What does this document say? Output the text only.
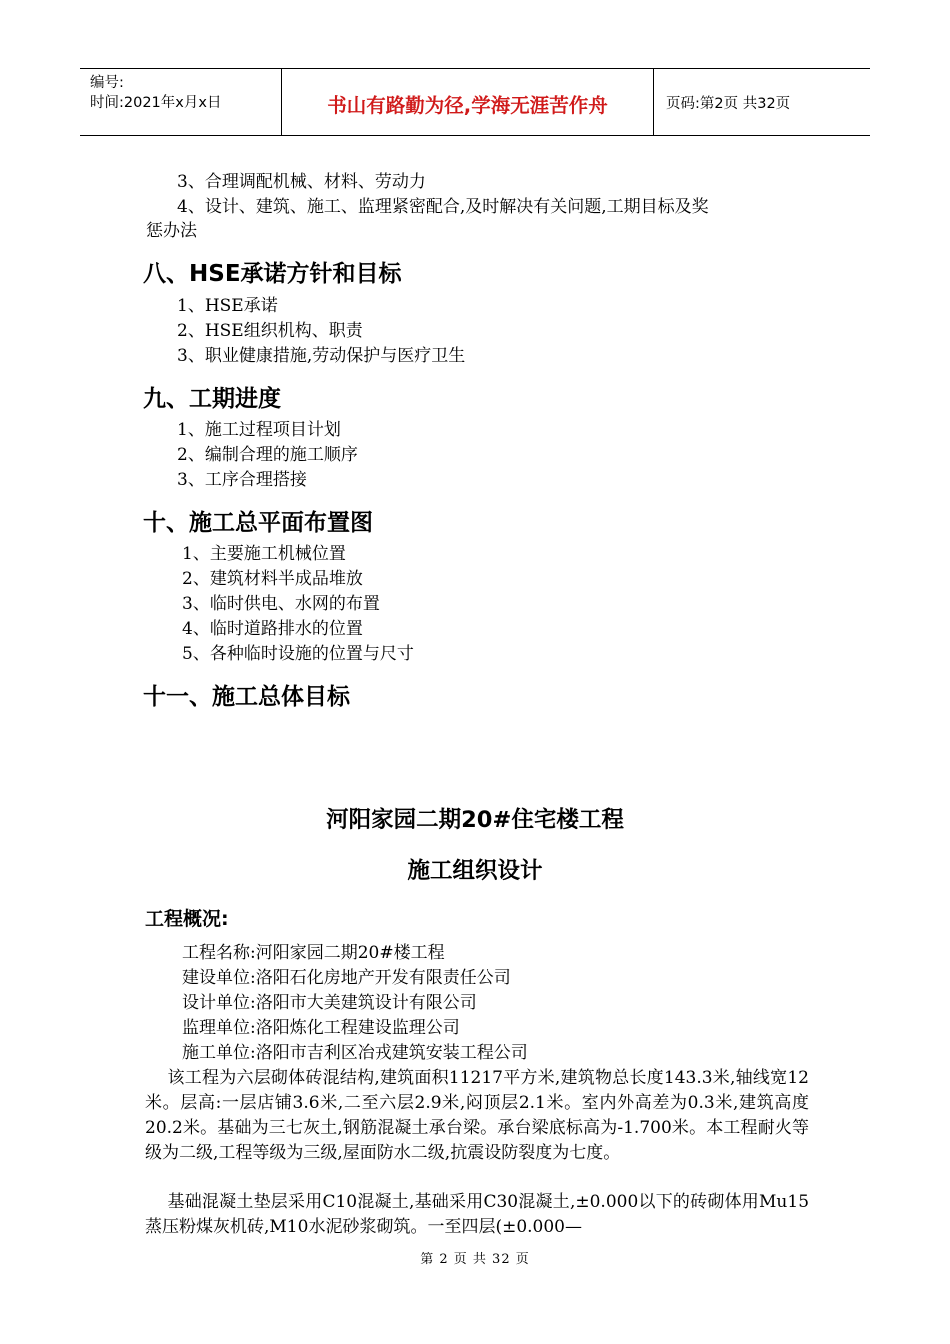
编号:
时间:2021年x月x日	书山有路勤为径,学海无涯苦作舟	页码:第2页 共32页
3、合理调配机械、材料、劳动力
4、设计、建筑、施工、监理紧密配合,及时解决有关问题,工期目标及奖
惩办法
八、HSE承诺方针和目标
1、HSE承诺
2、HSE组织机构、职责
3、职业健康措施,劳动保护与医疗卫生
九、工期进度
1、施工过程项目计划
2、编制合理的施工顺序
3、工序合理搭接
十、施工总平面布置图
1、主要施工机械位置
2、建筑材料半成品堆放
3、临时供电、水网的布置
4、临时道路排水的位置
5、各种临时设施的位置与尺寸
十一、施工总体目标
河阳家园二期20#住宅楼工程
施工组织设计
工程概况:
工程名称:河阳家园二期20#楼工程
建设单位:洛阳石化房地产开发有限责任公司
设计单位:洛阳市大美建筑设计有限公司
监理单位:洛阳炼化工程建设监理公司
施工单位:洛阳市吉利区冶戎建筑安装工程公司
该工程为六层砌体砖混结构,建筑面积11217平方米,建筑物总长度143.3米,轴线宽12米。层高:一层店铺3.6米,二至六层2.9米,闷顶层2.1米。室内外高差为0.3米,建筑高度20.2米。基础为三七灰土,钢筋混凝土承台梁。承台梁底标高为-1.700米。本工程耐火等级为二级,工程等级为三级,屋面防水二级,抗震设防裂度为七度。
基础混凝土垫层采用C10混凝土,基础采用C30混凝土,±0.000以下的砖砌体用Mu15蒸压粉煤灰机砖,M10水泥砂浆砌筑。一至四层(±0.000—
第 2 页 共 32 页
